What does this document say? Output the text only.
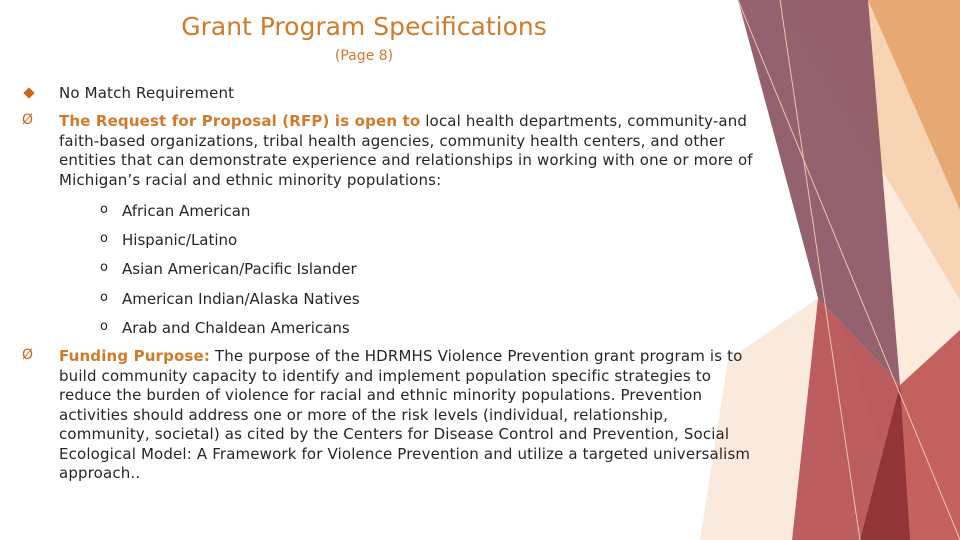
Grant Program Specifications
(Page 8)
No Match Requirement
Ø The Request for Proposal (RFP) is open to local health departments, community-and faith-based organizations, tribal health agencies, community health centers, and other entities that can demonstrate experience and relationships in working with one or more of Michigan’s racial and ethnic minority populations:
o African American
o Hispanic/Latino
o Asian American/Pacific Islander
o American Indian/Alaska Natives
o Arab and Chaldean Americans
Ø Funding Purpose: The purpose of the HDRMHS Violence Prevention grant program is to build community capacity to identify and implement population specific strategies to reduce the burden of violence for racial and ethnic minority populations. Prevention activities should address one or more of the risk levels (individual, relationship, community, societal) as cited by the Centers for Disease Control and Prevention, Social Ecological Model: A Framework for Violence Prevention and utilize a targeted universalism approach..
